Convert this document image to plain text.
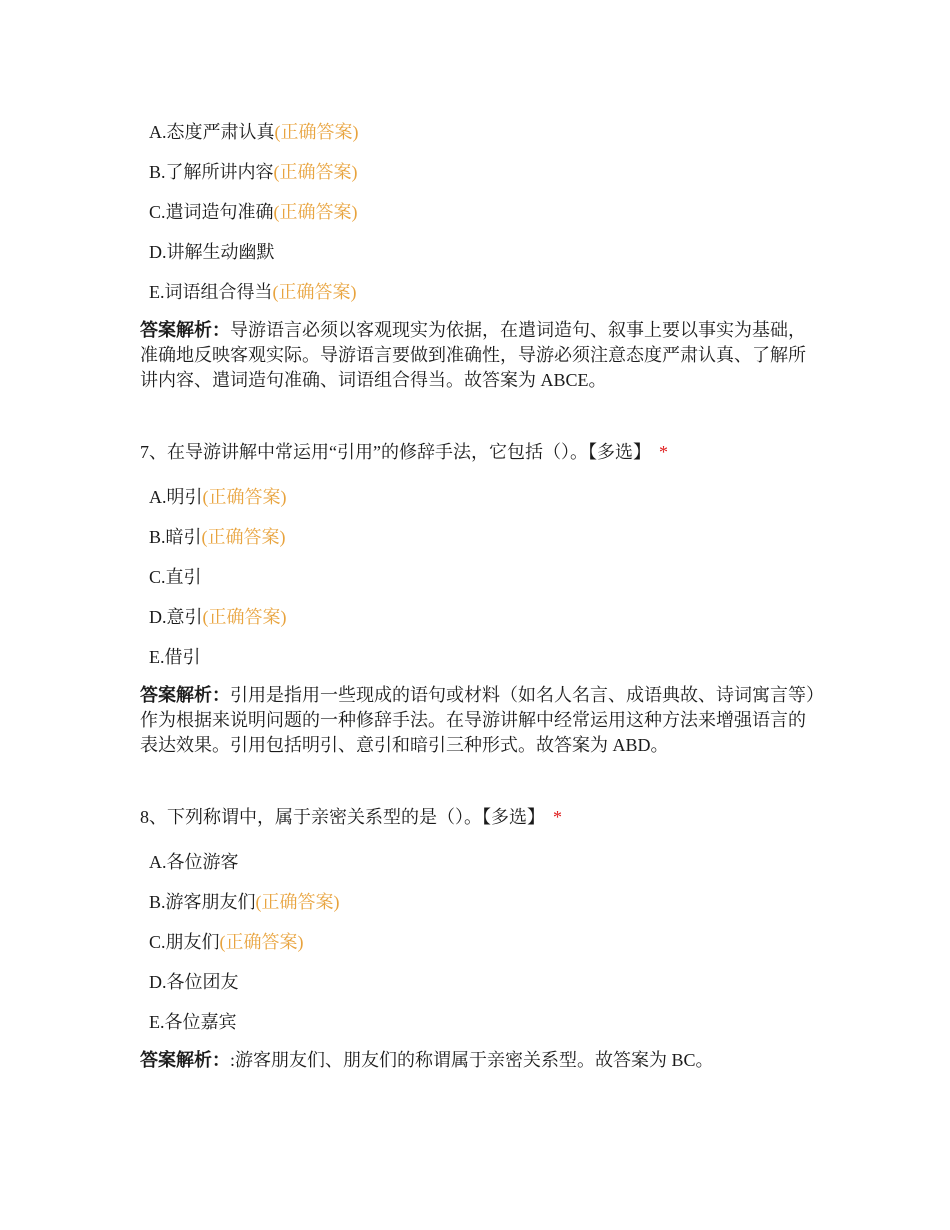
A.态度严肃认真(正确答案)
B.了解所讲内容(正确答案)
C.遣词造句准确(正确答案)
D.讲解生动幽默
E.词语组合得当(正确答案)

答案解析：导游语言必须以客观现实为依据，在遣词造句、叙事上要以事实为基础，准确地反映客观实际。导游语言要做到准确性，导游必须注意态度严肃认真、了解所讲内容、遣词造句准确、词语组合得当。故答案为 ABCE。

7、在导游讲解中常运用“引用”的修辞手法，它包括（）。【多选】 *

A.明引(正确答案)
B.暗引(正确答案)
C.直引
D.意引(正确答案)
E.借引

答案解析：引用是指用一些现成的语句或材料（如名人名言、成语典故、诗词寓言等）作为根据来说明问题的一种修辞手法。在导游讲解中经常运用这种方法来增强语言的表达效果。引用包括明引、意引和暗引三种形式。故答案为 ABD。

8、下列称谓中，属于亲密关系型的是（）。【多选】 *

A.各位游客
B.游客朋友们(正确答案)
C.朋友们(正确答案)
D.各位团友
E.各位嘉宾

答案解析：:游客朋友们、朋友们的称谓属于亲密关系型。故答案为 BC。
